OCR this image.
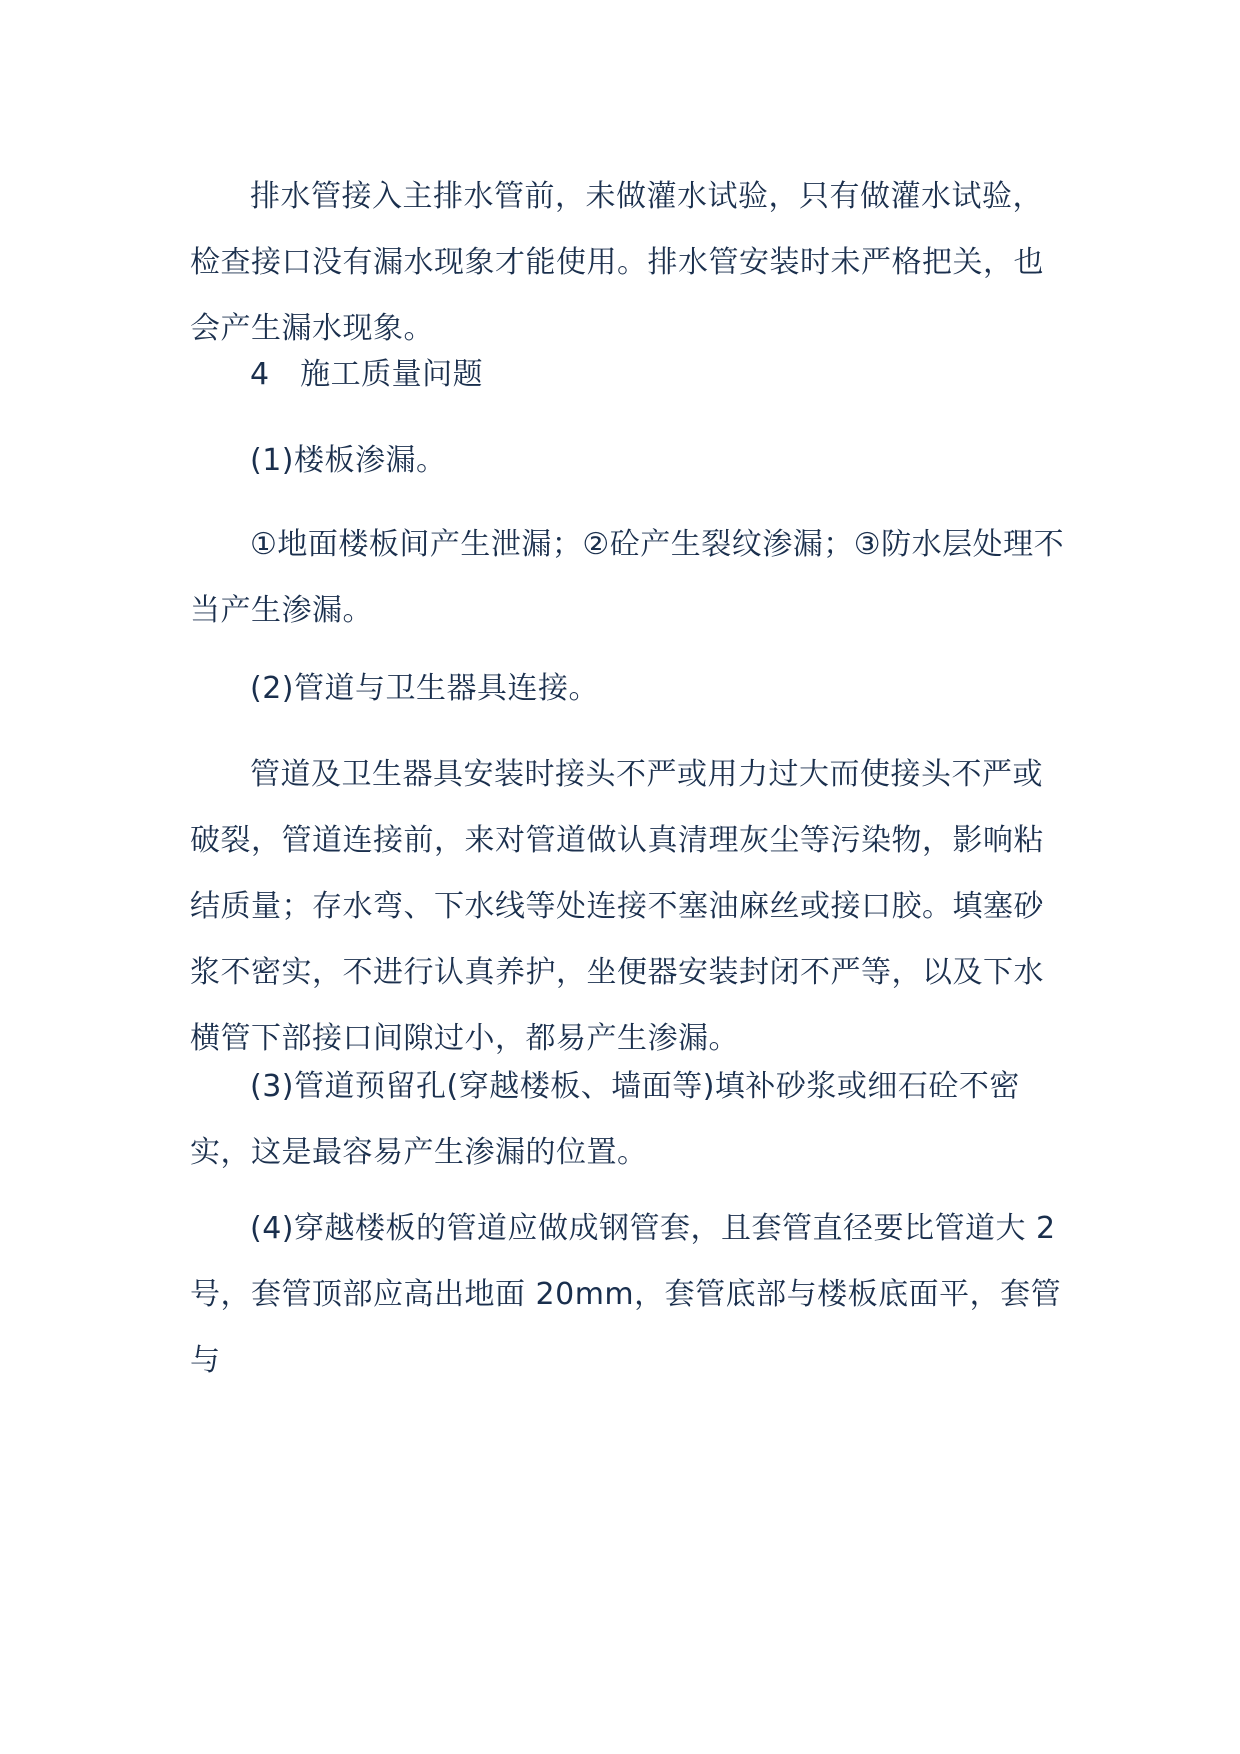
排水管接入主排水管前，未做灌水试验，只有做灌水试验，检查接口没有漏水现象才能使用。排水管安装时未严格把关，也会产生漏水现象。

4　施工质量问题

(1)楼板渗漏。

①地面楼板间产生泄漏；②砼产生裂纹渗漏；③防水层处理不当产生渗漏。

(2)管道与卫生器具连接。

管道及卫生器具安装时接头不严或用力过大而使接头不严或破裂，管道连接前，来对管道做认真清理灰尘等污染物，影响粘结质量；存水弯、下水线等处连接不塞油麻丝或接口胶。填塞砂浆不密实，不进行认真养护，坐便器安装封闭不严等，以及下水横管下部接口间隙过小，都易产生渗漏。

(3)管道预留孔(穿越楼板、墙面等)填补砂浆或细石砼不密实，这是最容易产生渗漏的位置。

(4)穿越楼板的管道应做成钢管套，且套管直径要比管道大 2 号，套管顶部应高出地面 20mm，套管底部与楼板底面平，套管与
